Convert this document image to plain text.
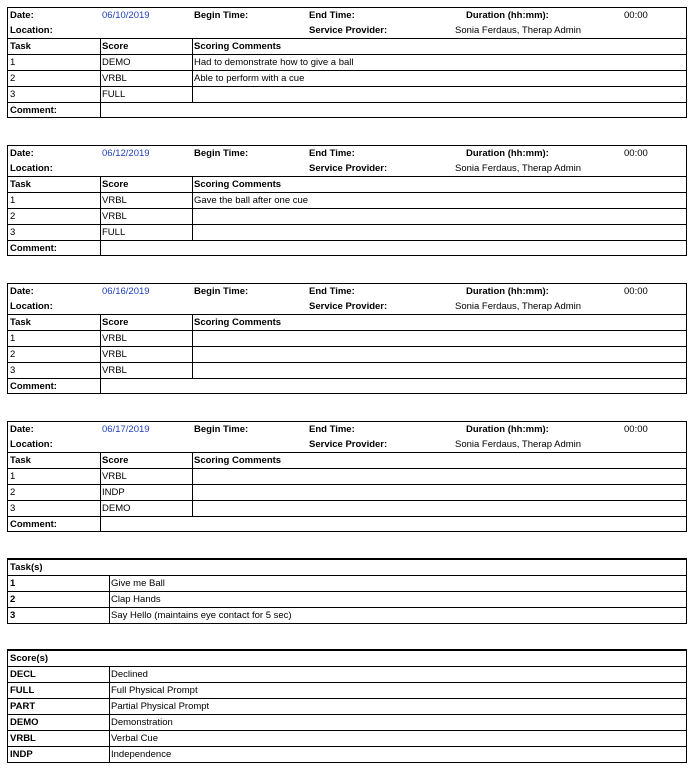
Date:	06/10/2019	Begin Time:	End Time:	Duration (hh:mm):	00:00
Location:	Service Provider:	Sonia Ferdaus, Therap Admin
Task	Score	Scoring Comments
1	DEMO	Had to demonstrate how to give a ball
2	VRBL	Able to perform with a cue
3	FULL
Comment:
Date:	06/12/2019	Begin Time:	End Time:	Duration (hh:mm):	00:00
Location:	Service Provider:	Sonia Ferdaus, Therap Admin
Task	Score	Scoring Comments
1	VRBL	Gave the ball after one cue
2	VRBL
3	FULL
Comment:
Date:	06/16/2019	Begin Time:	End Time:	Duration (hh:mm):	00:00
Location:	Service Provider:	Sonia Ferdaus, Therap Admin
Task	Score	Scoring Comments
1	VRBL
2	VRBL
3	VRBL
Comment:
Date:	06/17/2019	Begin Time:	End Time:	Duration (hh:mm):	00:00
Location:	Service Provider:	Sonia Ferdaus, Therap Admin
Task	Score	Scoring Comments
1	VRBL
2	INDP
3	DEMO
Comment:
Task(s)
1	Give me Ball
2	Clap Hands
3	Say Hello (maintains eye contact for 5 sec)
Score(s)
DECL	Declined
FULL	Full Physical Prompt
PART	Partial Physical Prompt
DEMO	Demonstration
VRBL	Verbal Cue
INDP	Independence
